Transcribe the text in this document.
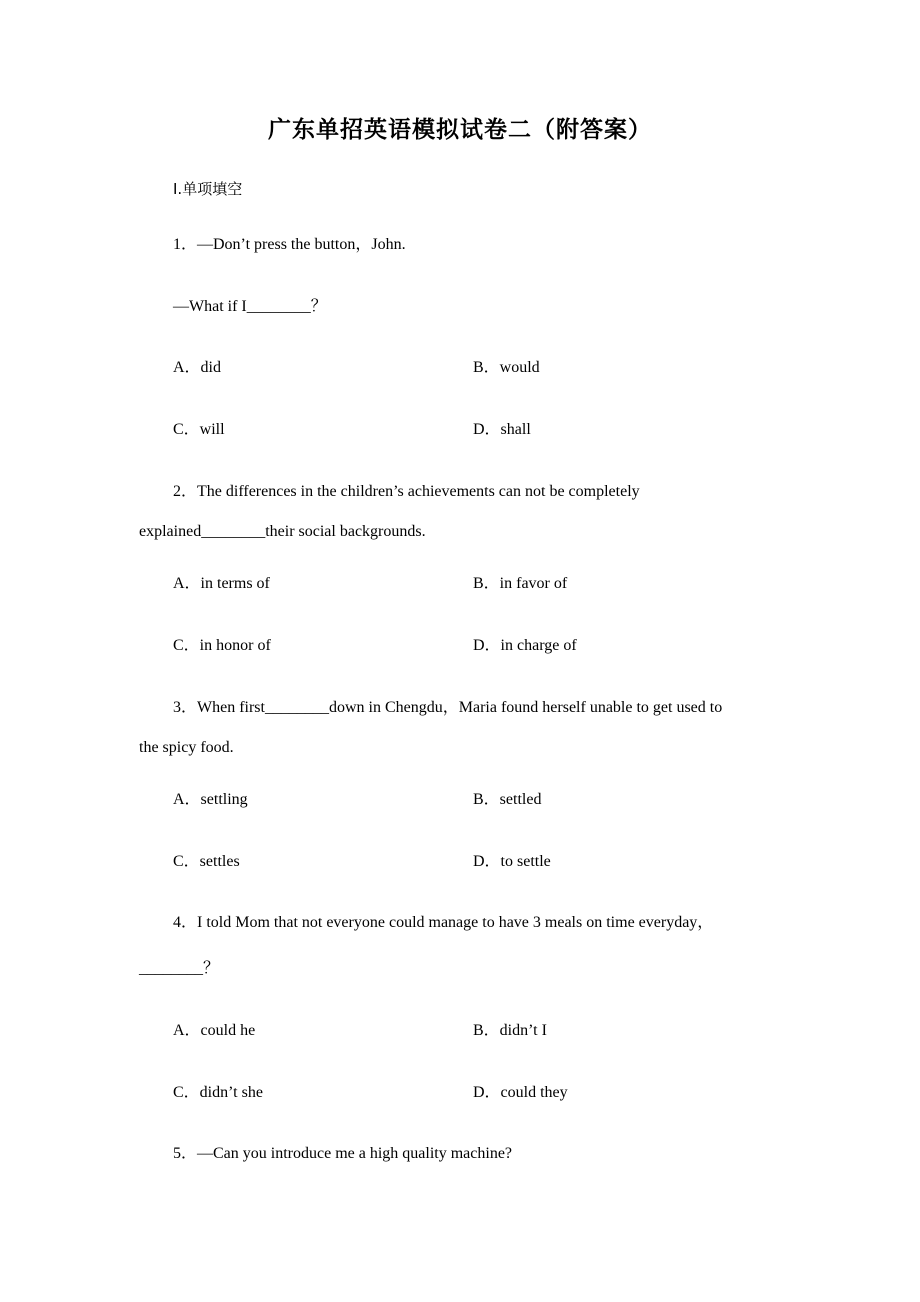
广东单招英语模拟试卷二（附答案）
Ⅰ.单项填空
1．—Don’t press the button，John.
—What if I________？
A．did	B．would
C．will	D．shall
2．The differences in the children’s achievements can not be completely
explained________their social backgrounds.
A．in terms of	B．in favor of
C．in honor of	D．in charge of
3．When first________down in Chengdu，Maria found herself unable to get used to
the spicy food.
A．settling	B．settled
C．settles	D．to settle
4．I told Mom that not everyone could manage to have 3 meals on time everyday，
________？
A．could he	B．didn’t I
C．didn’t she	D．could they
5．—Can you introduce me a high quality machine?
